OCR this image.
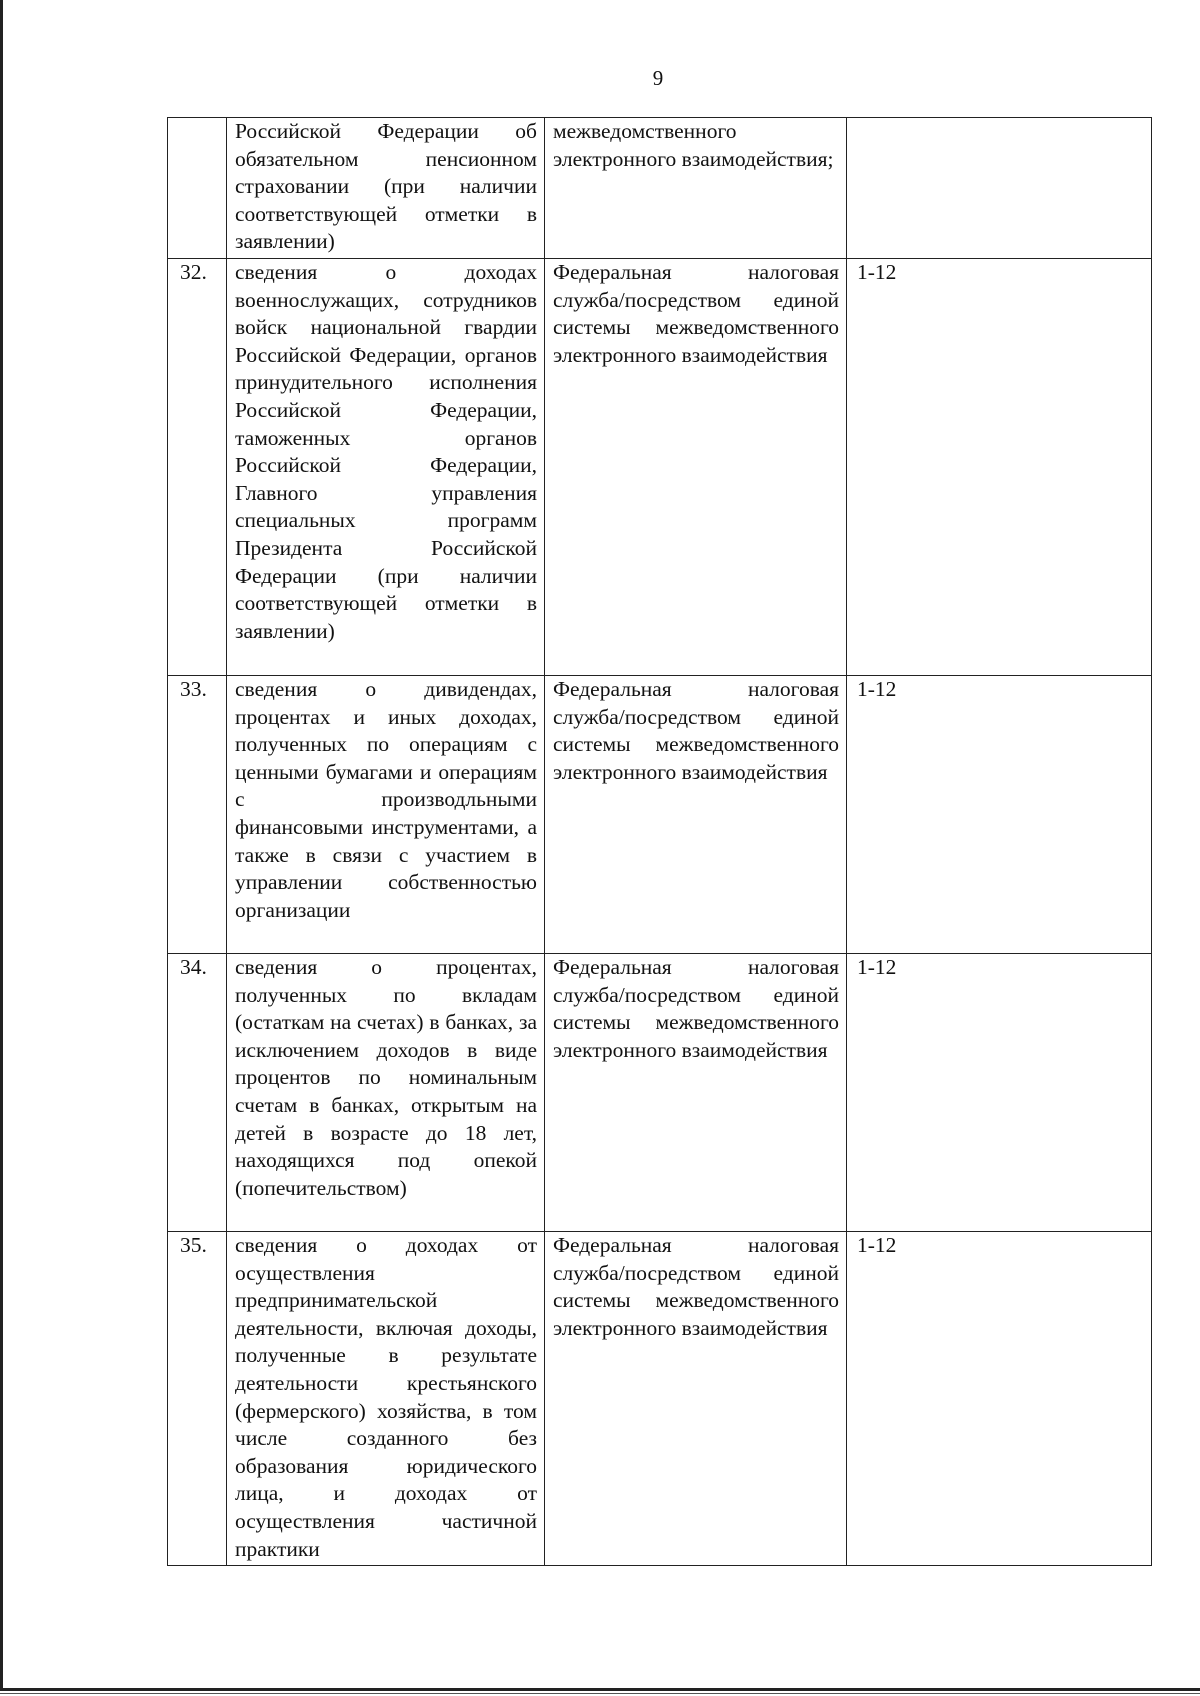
9
	Российской Федерации об обязательном пенсионном страховании (при наличии соответствующей отметки в заявлении)	межведомственного электронного взаимодействия;	
32.	сведения о доходах военнослужащих, сотрудников войск национальной гвардии Российской Федерации, органов принудительного исполнения Российской Федерации, таможенных органов Российской Федерации, Главного управления специальных программ Президента Российской Федерации (при наличии соответствующей отметки в заявлении)	Федеральная налоговая служба/посредством единой системы межведомственного электронного взаимодействия	1-12
33.	сведения о дивидендах, процентах и иных доходах, полученных по операциям с ценными бумагами и операциям с производльными финансовыми инструментами, а также в связи с участием в управлении собственностью организации	Федеральная налоговая служба/посредством единой системы межведомственного электронного взаимодействия	1-12
34.	сведения о процентах, полученных по вкладам (остаткам на счетах) в банках, за исключением доходов в виде процентов по номинальным счетам в банках, открытым на детей в возрасте до 18 лет, находящихся под опекой (попечительством)	Федеральная налоговая служба/посредством единой системы межведомственного электронного взаимодействия	1-12
35.	сведения о доходах от осуществления предпринимательской деятельности, включая доходы, полученные в результате деятельности крестьянского (фермерского) хозяйства, в том числе созданного без образования юридического лица, и доходах от осуществления частичной практики	Федеральная налоговая служба/посредством единой системы межведомственного электронного взаимодействия	1-12
